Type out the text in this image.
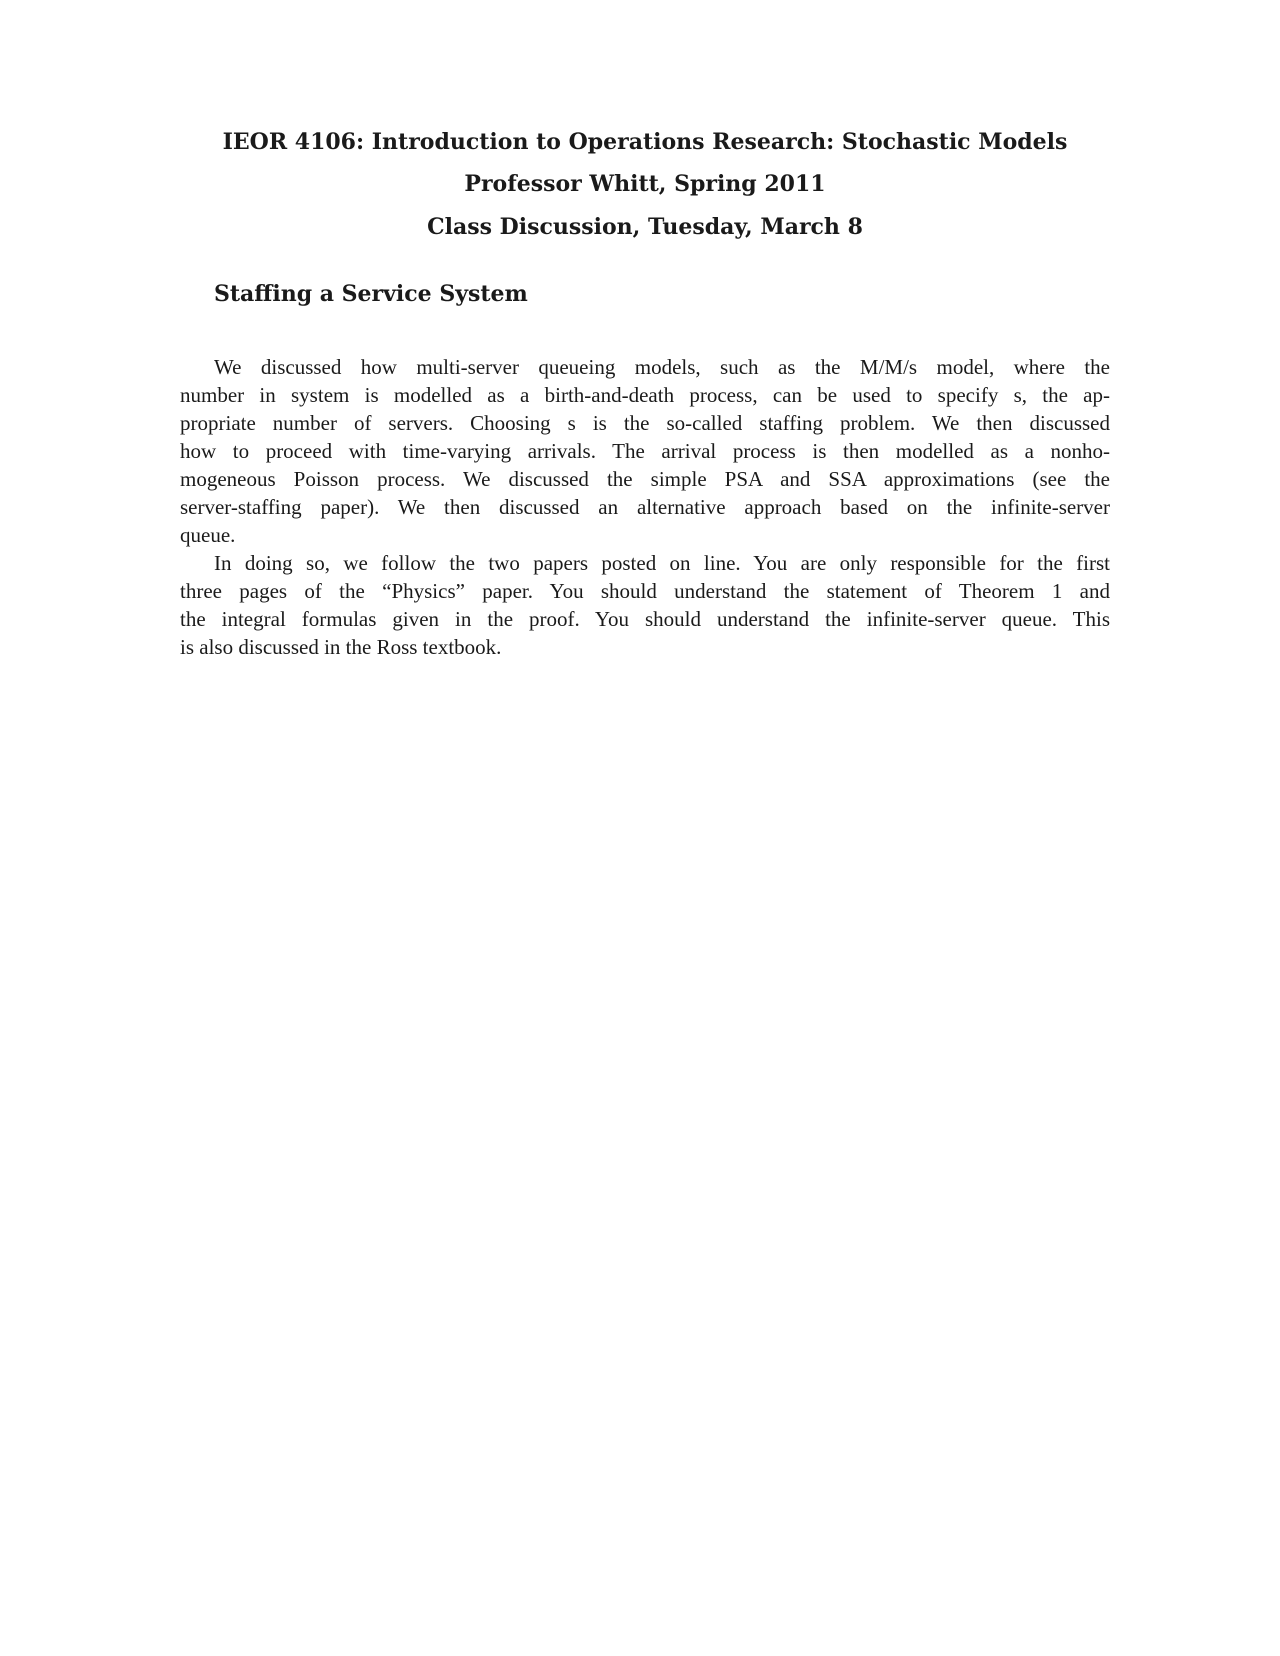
IEOR 4106: Introduction to Operations Research: Stochastic Models
Professor Whitt, Spring 2011
Class Discussion, Tuesday, March 8
Staffing a Service System
We discussed how multi-server queueing models, such as the M/M/s model, where the
number in system is modelled as a birth-and-death process, can be used to specify s, the ap-
propriate number of servers. Choosing s is the so-called staffing problem. We then discussed
how to proceed with time-varying arrivals. The arrival process is then modelled as a nonho-
mogeneous Poisson process. We discussed the simple PSA and SSA approximations (see the
server-staffing paper). We then discussed an alternative approach based on the infinite-server
queue.
In doing so, we follow the two papers posted on line. You are only responsible for the first
three pages of the “Physics” paper. You should understand the statement of Theorem 1 and
the integral formulas given in the proof. You should understand the infinite-server queue. This
is also discussed in the Ross textbook.
